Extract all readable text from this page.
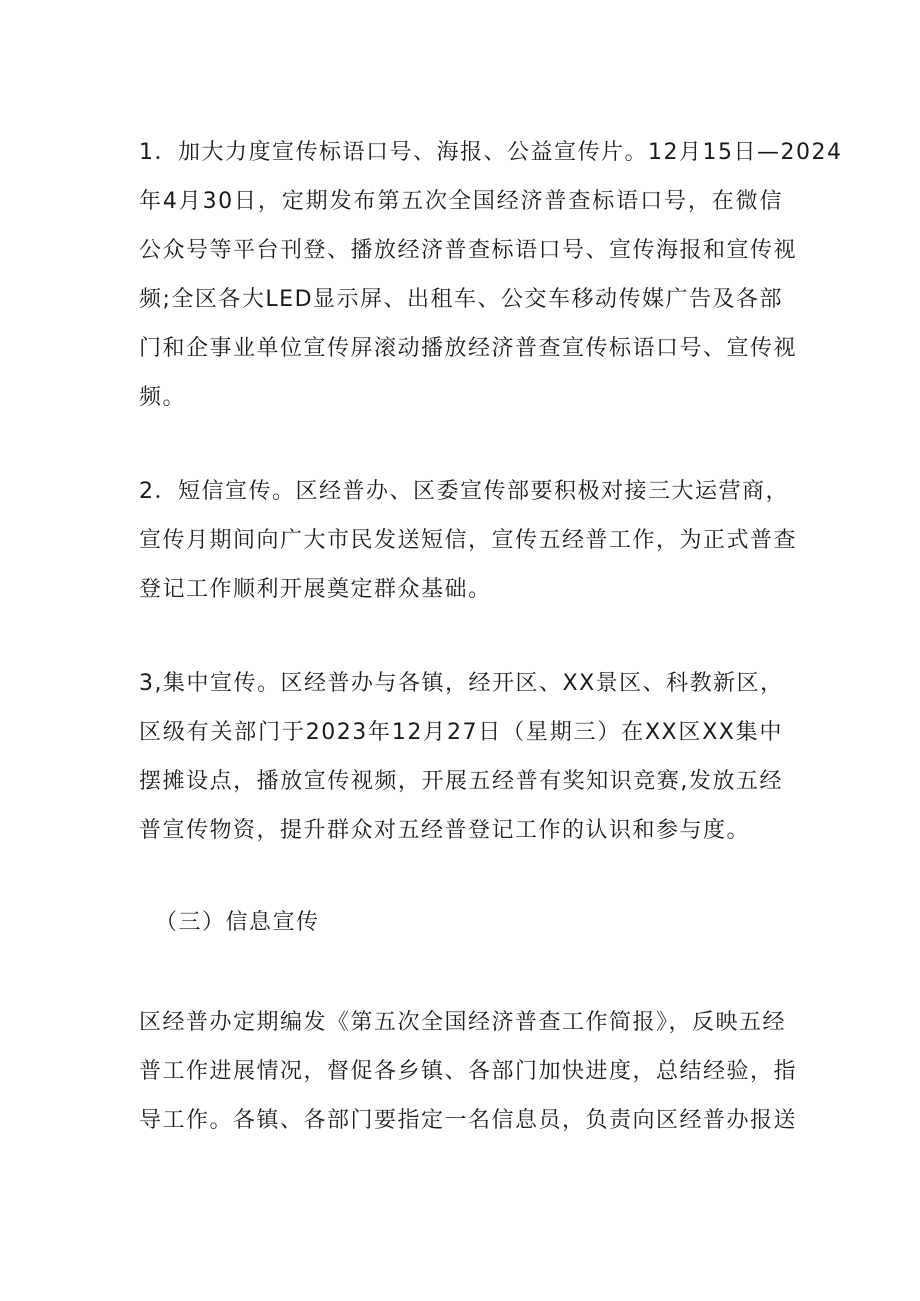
1．加大力度宣传标语口号、海报、公益宣传片。12月15日—2024
年4月30日，定期发布第五次全国经济普查标语口号，在微信
公众号等平台刊登、播放经济普查标语口号、宣传海报和宣传视
频;全区各大LED显示屏、出租车、公交车移动传媒广告及各部
门和企事业单位宣传屏滚动播放经济普查宣传标语口号、宣传视
频。
2．短信宣传。区经普办、区委宣传部要积极对接三大运营商，
宣传月期间向广大市民发送短信，宣传五经普工作，为正式普查
登记工作顺利开展奠定群众基础。
3,集中宣传。区经普办与各镇，经开区、XX景区、科教新区，
区级有关部门于2023年12月27日（星期三）在XX区XX集中
摆摊设点，播放宣传视频，开展五经普有奖知识竞赛,发放五经
普宣传物资，提升群众对五经普登记工作的认识和参与度。
（三）信息宣传
区经普办定期编发《第五次全国经济普查工作简报》，反映五经
普工作进展情况，督促各乡镇、各部门加快进度，总结经验，指
导工作。各镇、各部门要指定一名信息员，负责向区经普办报送
